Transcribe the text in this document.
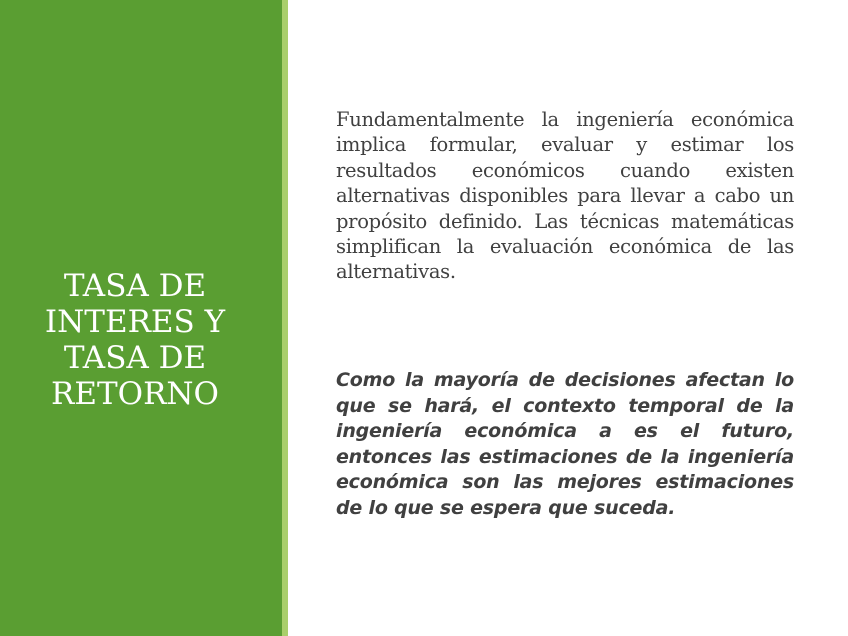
TASA DE
INTERES Y
TASA DE
RETORNO

Fundamentalmente la ingeniería económica implica formular, evaluar y estimar los resultados económicos cuando existen alternativas disponibles para llevar a cabo un propósito definido. Las técnicas matemáticas simplifican la evaluación económica de las alternativas.

Como la mayoría de decisiones afectan lo que se hará, el contexto temporal de la ingeniería económica a es el futuro, entonces las estimaciones de la ingeniería económica son las mejores estimaciones de lo que se espera que suceda.
